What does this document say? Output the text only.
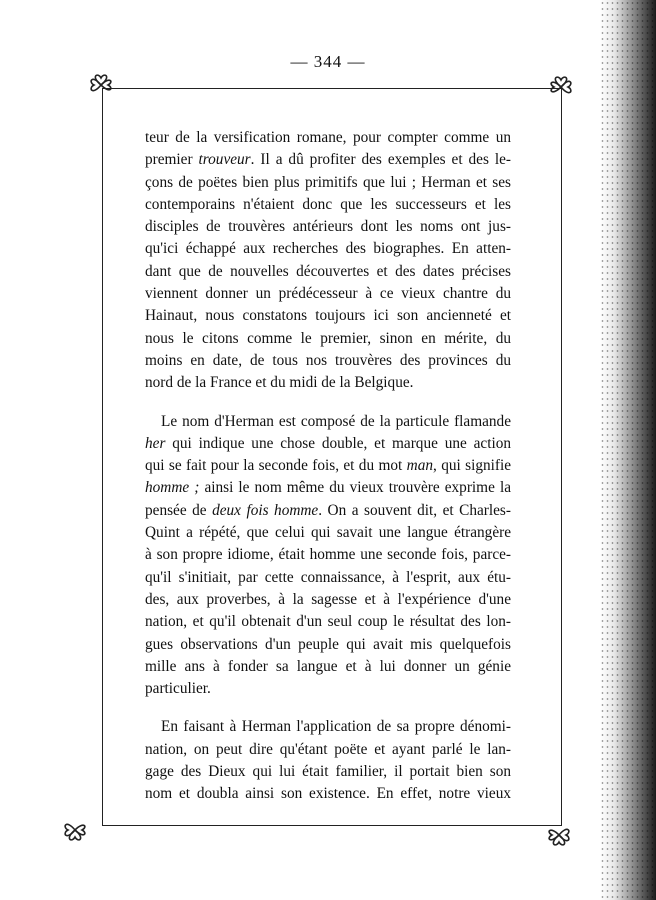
— 344 —
teur de la versification romane, pour compter comme un
premier trouveur. Il a dû profiter des exemples et des le-
çons de poëtes bien plus primitifs que lui ; Herman et ses
contemporains n'étaient donc que les successeurs et les
disciples de trouvères antérieurs dont les noms ont jus-
qu'ici échappé aux recherches des biographes. En atten-
dant que de nouvelles découvertes et des dates précises
viennent donner un prédécesseur à ce vieux chantre du
Hainaut, nous constatons toujours ici son ancienneté et
nous le citons comme le premier, sinon en mérite, du
moins en date, de tous nos trouvères des provinces du
nord de la France et du midi de la Belgique.
Le nom d'Herman est composé de la particule flamande
her qui indique une chose double, et marque une action
qui se fait pour la seconde fois, et du mot man, qui signifie
homme ; ainsi le nom même du vieux trouvère exprime la
pensée de deux fois homme. On a souvent dit, et Charles-
Quint a répété, que celui qui savait une langue étrangère
à son propre idiome, était homme une seconde fois, parce-
qu'il s'initiait, par cette connaissance, à l'esprit, aux étu-
des, aux proverbes, à la sagesse et à l'expérience d'une
nation, et qu'il obtenait d'un seul coup le résultat des lon-
gues observations d'un peuple qui avait mis quelquefois
mille ans à fonder sa langue et à lui donner un génie
particulier.
En faisant à Herman l'application de sa propre dénomi-
nation, on peut dire qu'étant poëte et ayant parlé le lan-
gage des Dieux qui lui était familier, il portait bien son
nom et doubla ainsi son existence. En effet, notre vieux
